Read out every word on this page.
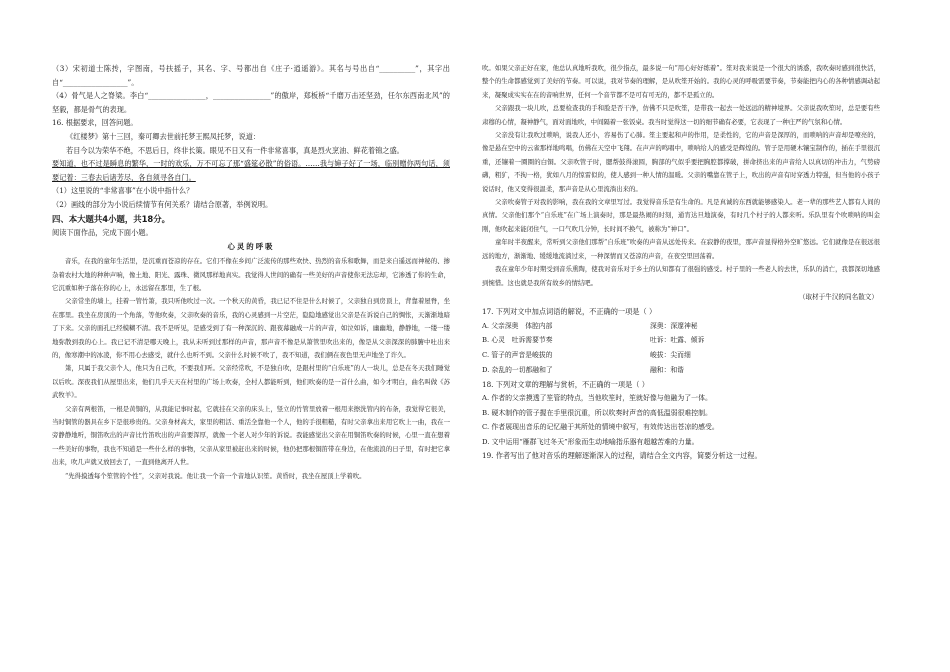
（3）宋初道士陈抟，字图南，号扶摇子，其名、字、号都出自《庄子·逍遥游》。其名与号出自“__________”，其字出自“__________________”。

（4）骨气是人之脊梁。李白“________________，________________”的傲岸，郑板桥“千磨万击还坚劲，任尔东西南北风”的坚毅，都是骨气的表现。

16. 根据要求，回答问题。

《红楼梦》第十三回，秦可卿去世前托梦王熙凤托梦，说道：

若目今以为荣华不绝，不思后日，终非长策。眼见不日又有一件非常喜事，真是烈火烹油、鲜花着锦之盛。

要知道，也不过是瞬息的繁华，一时的欢乐，万不可忘了那“盛筵必散”的俗语。……我与婶子好了一场，临别赠你两句话，须要记着：三春去后诸芳尽，各自须寻各自门。

（1）这里说的“非常喜事”在小说中指什么？

（2）画线的部分为小说后续情节有何关系？请结合原著，举例说明。

四、本大题共4小题，共18分。

阅读下面作品，完成下面小题。

心灵的呼吸

音乐，在我的童年生活里，是沉重而苍凉的存在。它们不像在乡间广泛流传的那些欢快、热烈的音乐和歌舞，而是来自遥远而神秘的、掺杂着农村大地的种种声响，像土地、阳光、露珠、微风那样地真实。我觉得人世间的确有一些美好的声音使你无法忘却，它渗透了你的生命，它沉重如种子落在你的心上，永远留在那里，生了根。

父亲常坐的墙上，挂着一管竹箫，我只听他吹过一次。一个秋天的黄昏，我已记不住是什么时候了，父亲独自到房顶上，背靠着屋脊，坐在那里。我坐在房顶的一个角落，等他吹奏，父亲吹奏的音乐，我的心灵感到一片空茫，隐隐地感觉出父亲是在诉说自己的惆怅，天渐渐地暗了下来。父亲的面孔已经模糊不清。我不是听见，是感受到了有一种深沉的、跟夜幕融成一片的声音，如泣如诉，幽幽地，静静地，一缕一缕地弥散到我的心上。我已记不清是哪天晚上，我从未听到过那样的声音，那声音不像是从箫管里吹出来的，像是从父亲深深的肺腑中吐出来的，像寒潮中的冰凌，你不用心去感受，就什么也听不到。父亲什么时候不吹了，我不知道，我们俩在夜色里无声地坐了许久。

箫，只属于我父亲个人，他只为自己吹，不要我们听。父亲经常吹，不是独自吹，是跟村里的“自乐班”的人一块儿，总是在冬天我们睡觉以后吹。深夜我们从屋里出来，他们几乎天天在村里的广场上吹奏，全村人都能听到，他们吹奏的是一首什么曲，如今才明白，曲名叫做《苏武牧羊》。

父亲有两根笛，一根是黄铜的，从我能记事时起，它就挂在父亲的床头上，竖立的竹管里放着一根用来擦洗管内的布条，我觉得它很美，当时铜管的器具在乡下是很珍贵的。父亲身材高大，家里的粗活、重活全靠他一个人，他的手很粗糙，有时父亲拿出来用它吹上一曲，我在一旁静静地听，铜笛吹出的声音比竹笛吹出的声音要浑厚，就像一个老人对少年的诉说。我能感觉出父亲在用铜笛吹奏的时候，心里一直在想着一些美好的事物，我也不知道是一些什么样的事物，父亲从家里被赶出来的时候，他仍把那根铜笛带在身边，在他流浪的日子里，有时把它拿出来，吹几声就又放回去了，一直到他离开人世。

“先得摸透每个笙管的个性”，父亲对我说。他让我一个音一个音地认识笙。黄昏时，我坐在屋顶上学着吹。

吹。如果父亲正好在家，他总认真地听我吹，很少指点，最多说一句“用心好好练着”。笙对我来说是一个很大的诱惑，我吹奏时感到很快活，整个的生命都感觉到了美好的节奏。可以说，我对节奏的理解，是从吹笙开始的。我的心灵的呼吸需要节奏，节奏能把内心的各种情感调动起来，凝聚成实实在在的音响世界，任何一个音节都不是可有可无的，都不是孤立的。

父亲跟我一块儿吹，总要检查我的手和脸是否干净，仿佛不只是吹笙，是带我一起去一处远远的精神境界。父亲说我吹笙时，总是要有些肃穆的心情，凝神静气，面对面地吹，中间隔着一张饭桌。我当时觉得这一切的细节确有必要，它表现了一种庄严的气氛和心情。

父亲没有让我吹过唢呐，说我人还小，容易伤了心肺。笙主要起和声的作用，是柔性的，它的声音是深厚的，而唢呐的声音却是嘹亮的，像是悬在空中的云雀那样地鸣唱，仿佛在天空中飞翔。在声声的鸣唱中，唢呐给人的感受是辉煌的。管子是用硬木镶宝制作的，插在手里很沉重，还镶着一圈圈的白铜。父亲吹管子时，腮帮鼓得滚圆，胸部的气似乎要把胸腔都撑破，拼命挤出来的声音给人以真切的冲击力，气势磅礴，粗犷，不拘一格，犹如八月的惊雷似的，使人感到一种人情的温暖。父亲的嘴靠在管子上，吹出的声音有时穿透力特强，但当他的小孩子说话时，他又变得很温柔，那声音是从心里流淌出来的。

父亲吹奏管子对我的影响，我在我的文章里写过。我觉得音乐是有生命的。凡是真诚的东西就能够感染人。老一辈的那些艺人都有人间的真情。父亲他们那个“自乐班”在广场上演奏时，那是最热闹的时刻，通宵达旦地演奏，有时几个村子的人都来听。乐队里有个吹唢呐的叫金刚，他吹起来能闭住气，一口气吹几分钟，长时间不换气，被称为“神口”。

童年时半夜醒来，常听到父亲他们那帮“自乐班”吹奏的声音从远处传来。在寂静的夜里，那声音显得格外空旷悠远。它们就像是在很远很远的地方，渐渐地、缓缓地流淌过来，一种深情而又苍凉的声音，在夜空里回荡着。

我在童年少年时期受到音乐熏陶，使我对音乐对于乡土的认知都有了很强的感受。村子里的一些老人的去世，乐队的消亡，我都深切地感到惋惜。这也就是我所有故乡的情结吧。

（取材于牛汉的同名散文）

17. 下列对文中加点词语的解说，不正确的一项是（ ）

A. 父亲深奥　体腔内部	深奥：深邃神秘
B. 心灵　吐诉需要节奏	吐诉：吐露、倾诉
C. 管子的声音是峻拔的	峻拔：尖而细
D. 杂乱的一切都融和了	融和：和谐

18. 下列对文章的理解与赏析，不正确的一项是（ ）

A. 作者的父亲摸透了笙管的特点，当他吹笙时，笙就好像与他融为了一体。

B. 硬木制作的管子握在手里很沉重，所以吹奏时声音的高低温弱很难控制。

C. 作者展现出音乐的记忆融于其所处的情境中叙写，有效传达出苍凉的感受。

D. 文中运用“雁群飞过冬天”形象而生动地喻指乐器有超越苦难的力量。

19. 作者写出了他对音乐的理解逐渐深入的过程，请结合全文内容，简要分析这一过程。
